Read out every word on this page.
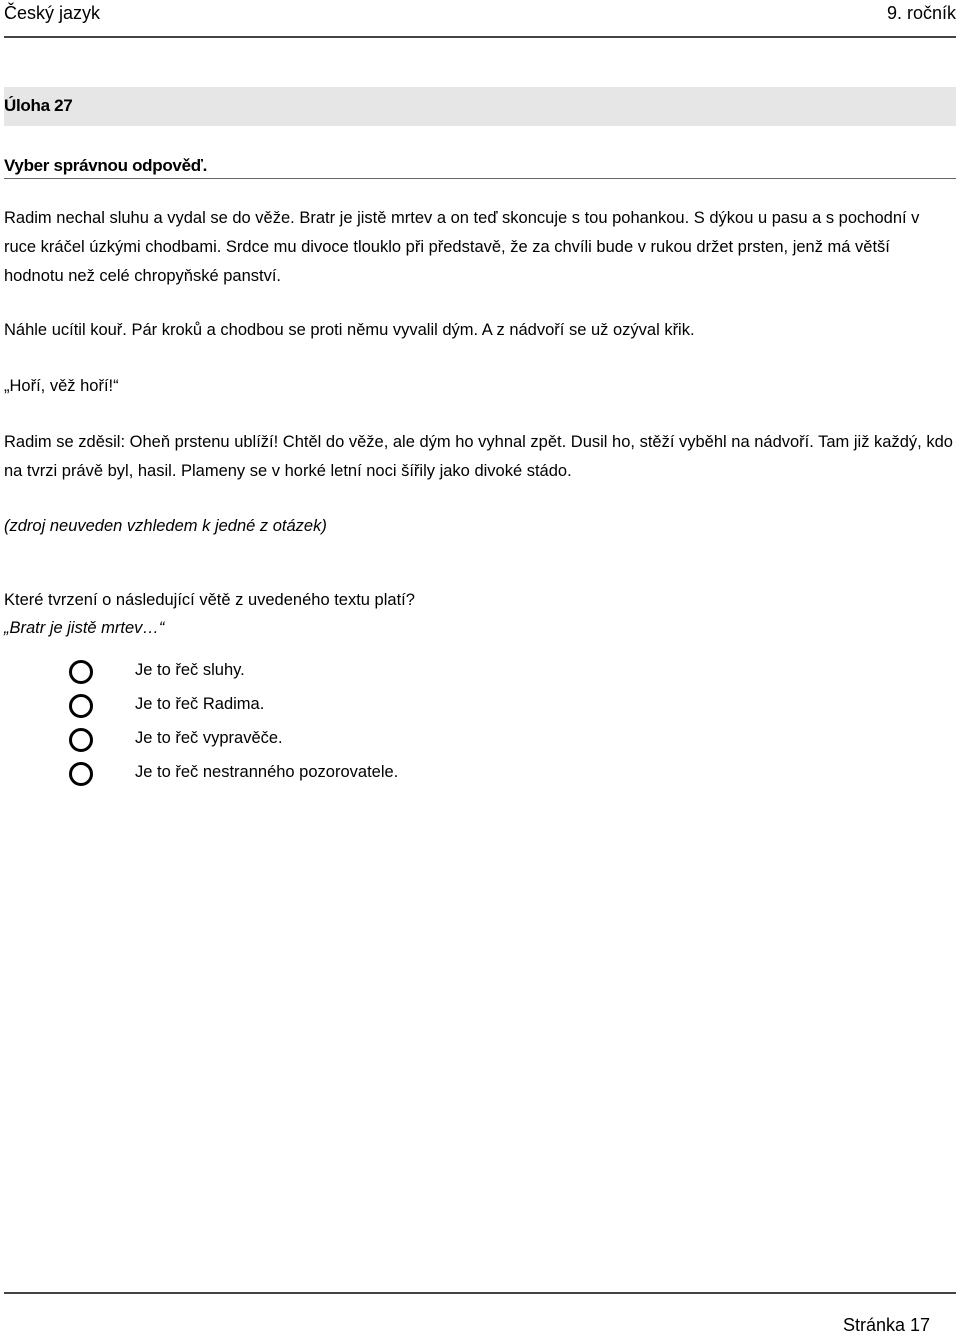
Český jazyk	9. ročník
Úloha 27
Vyber správnou odpověď.
Radim nechal sluhu a vydal se do věže. Bratr je jistě mrtev a on teď skoncuje s tou pohankou. S dýkou u pasu a s pochodní v ruce kráčel úzkými chodbami. Srdce mu divoce tlouklo při představě, že za chvíli bude v rukou držet prsten, jenž má větší hodnotu než celé chropyňské panství.
Náhle ucítil kouř. Pár kroků a chodbou se proti němu vyvalil dým. A z nádvoří se už ozýval křik.
„Hoří, věž hoří!“
Radim se zděsil: Oheň prstenu ublíží! Chtěl do věže, ale dým ho vyhnal zpět. Dusil ho, stěží vyběhl na nádvoří. Tam již každý, kdo na tvrzi právě byl, hasil. Plameny se v horké letní noci šířily jako divoké stádo.
(zdroj neuveden vzhledem k jedné z otázek)
Které tvrzení o následující větě z uvedeného textu platí?
„Bratr je jistě mrtev…“
Je to řeč sluhy.
Je to řeč Radima.
Je to řeč vypravěče.
Je to řeč nestranného pozorovatele.
Stránka 17
